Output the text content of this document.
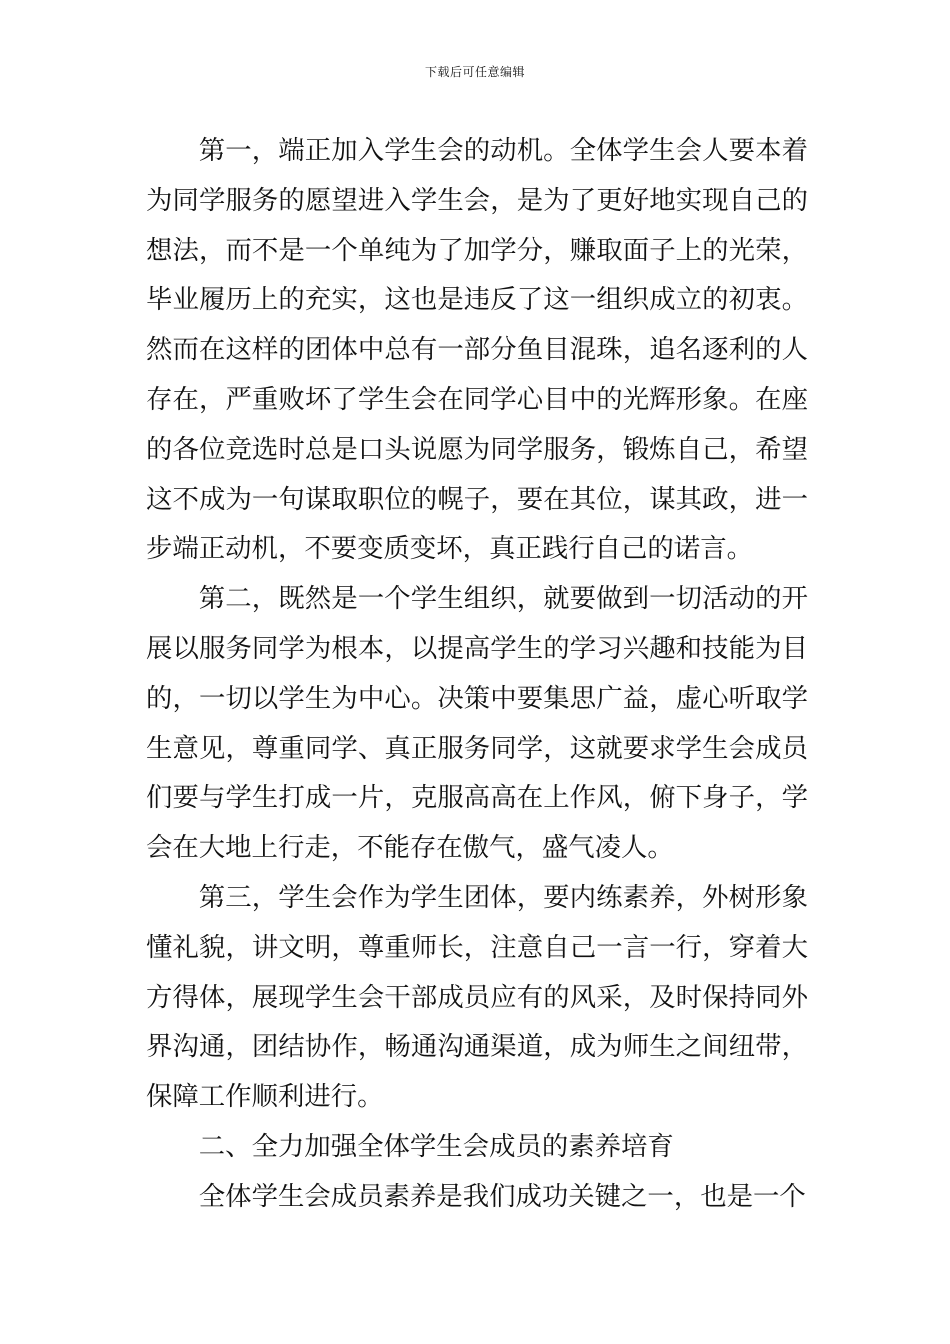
下载后可任意编辑

第一，端正加入学生会的动机。全体学生会人要本着为同学服务的愿望进入学生会，是为了更好地实现自己的想法，而不是一个单纯为了加学分，赚取面子上的光荣，毕业履历上的充实，这也是违反了这一组织成立的初衷。然而在这样的团体中总有一部分鱼目混珠，追名逐利的人存在，严重败坏了学生会在同学心目中的光辉形象。在座的各位竞选时总是口头说愿为同学服务，锻炼自己，希望这不成为一句谋取职位的幌子，要在其位，谋其政，进一步端正动机，不要变质变坏，真正践行自己的诺言。

第二，既然是一个学生组织，就要做到一切活动的开展以服务同学为根本，以提高学生的学习兴趣和技能为目的，一切以学生为中心。决策中要集思广益，虚心听取学生意见，尊重同学、真正服务同学，这就要求学生会成员们要与学生打成一片，克服高高在上作风，俯下身子，学会在大地上行走，不能存在傲气，盛气凌人。

第三，学生会作为学生团体，要内练素养，外树形象懂礼貌，讲文明，尊重师长，注意自己一言一行，穿着大方得体，展现学生会干部成员应有的风采，及时保持同外界沟通，团结协作，畅通沟通渠道，成为师生之间纽带，保障工作顺利进行。

二、全力加强全体学生会成员的素养培育

全体学生会成员素养是我们成功关键之一，也是一个
